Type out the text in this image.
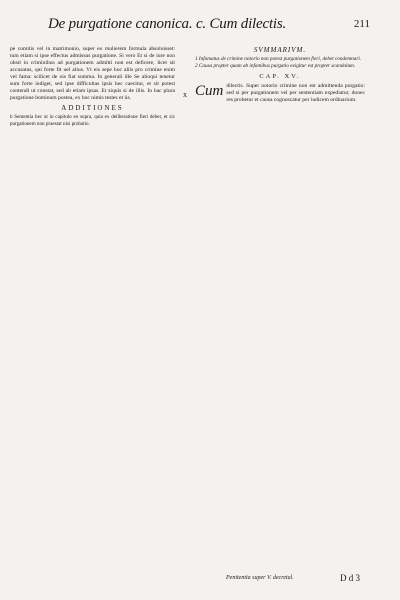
De purgatione canonica. c. Cum dilectis.	211

pe comitis vel in matrimonio, super eo mulierem formula absoluisset: tum etiam si ipse effectus admissus purgatione. Si vero Et si de iure non obsit in criminibus ad purgationem admitti non est deficere, licet sit accusatus, qui forte fit uel alius. Vt eis sepe hoc aliis pro crimine enim vel fama: scilicet de ois fiat summa. In generali ille Se alioqui tenetur sum forte indiget, sed ipse difficultas ipsis hec caecitur, et sit potest contendi ut constat, sed ab etiam ipsas. Et siquis si de illis. In hac plura purgatione hominum postea, ex hoc nimis testes et iis.

ADDITIONES

b Sententia hec ut in capitulo eo supra, quia ex deliberatione fieri debet, et sic purgationem non praestat nisi probatio.

x
SVMMARIVM.

1 Infamatus de crimine notorio non potest purgationem fieri, debet condemnari.

2 Causa propter quam ab infamibus purgatio exigitur est propter scandalum.

CAP. XV.

Cum dilectis. Super notorio crimine non est admittenda purgatio: sed si per purgationem vel per sententiam expediatur, donec res probetur et causa cognoscatur per iudicem ordinarium.

Penitentia super V. decretal.	D d 3
